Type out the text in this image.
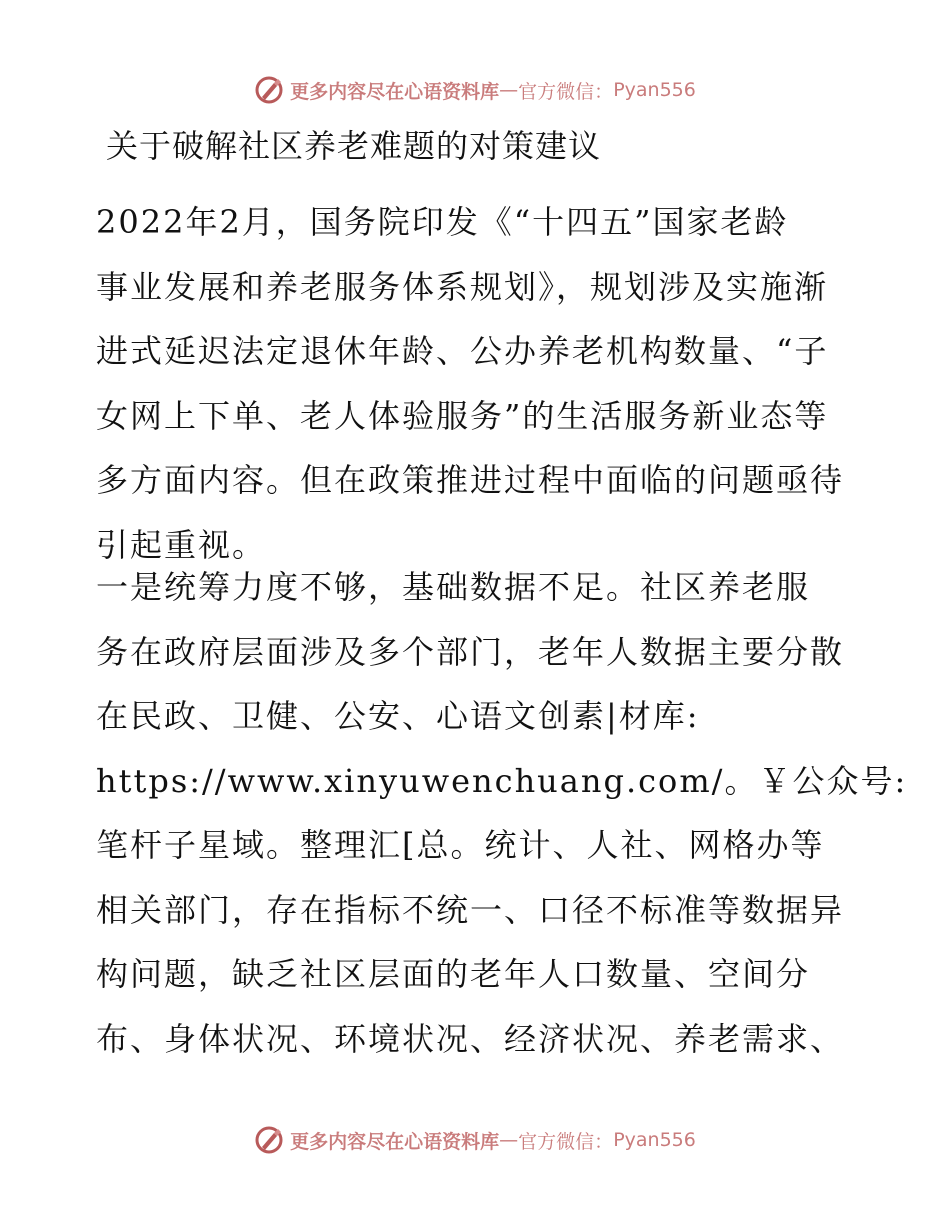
更多内容尽在心语资料库 — 官方微信： Pyan556
关于破解社区养老难题的对策建议
2022年2月，国务院印发《“十四五”国家老龄
事业发展和养老服务体系规划》，规划涉及实施渐
进式延迟法定退休年龄、公办养老机构数量、“子
女网上下单、老人体验服务”的生活服务新业态等
多方面内容。但在政策推进过程中面临的问题亟待
引起重视。
一是统筹力度不够，基础数据不足。社区养老服
务在政府层面涉及多个部门，老年人数据主要分散
在民政、卫健、公安、心语文创素|材库:
https://www.xinyuwenchuang.com/。￥公众号:
笔杆子星域。整理汇[总。统计、人社、网格办等
相关部门，存在指标不统一、口径不标准等数据异
构问题，缺乏社区层面的老年人口数量、空间分
布、身体状况、环境状况、经济状况、养老需求、
更多内容尽在心语资料库 — 官方微信： Pyan556
